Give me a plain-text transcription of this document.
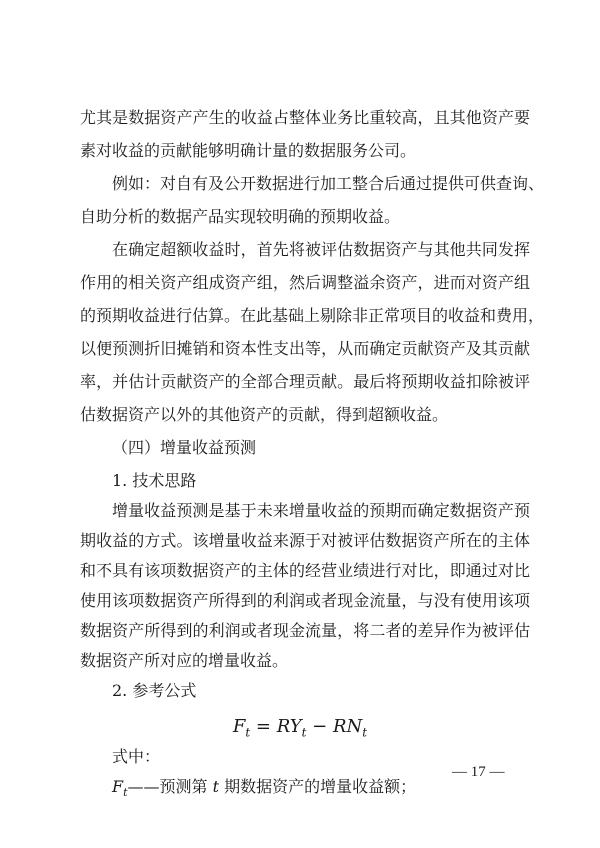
尤其是数据资产产生的收益占整体业务比重较高，且其他资产要
素对收益的贡献能够明确计量的数据服务公司。
例如：对自有及公开数据进行加工整合后通过提供可供查询、
自助分析的数据产品实现较明确的预期收益。
在确定超额收益时，首先将被评估数据资产与其他共同发挥
作用的相关资产组成资产组，然后调整溢余资产，进而对资产组
的预期收益进行估算。在此基础上剔除非正常项目的收益和费用，
以便预测折旧摊销和资本性支出等，从而确定贡献资产及其贡献
率，并估计贡献资产的全部合理贡献。最后将预期收益扣除被评
估数据资产以外的其他资产的贡献，得到超额收益。
（四）增量收益预测
1. 技术思路
增量收益预测是基于未来增量收益的预期而确定数据资产预
期收益的方式。该增量收益来源于对被评估数据资产所在的主体
和不具有该项数据资产的主体的经营业绩进行对比，即通过对比
使用该项数据资产所得到的利润或者现金流量，与没有使用该项
数据资产所得到的利润或者现金流量，将二者的差异作为被评估
数据资产所对应的增量收益。
2. 参考公式
$F_t = RY_t - RN_t$
式中：
$F_t——$预测第 t 期数据资产的增量收益额；
— 17 —
